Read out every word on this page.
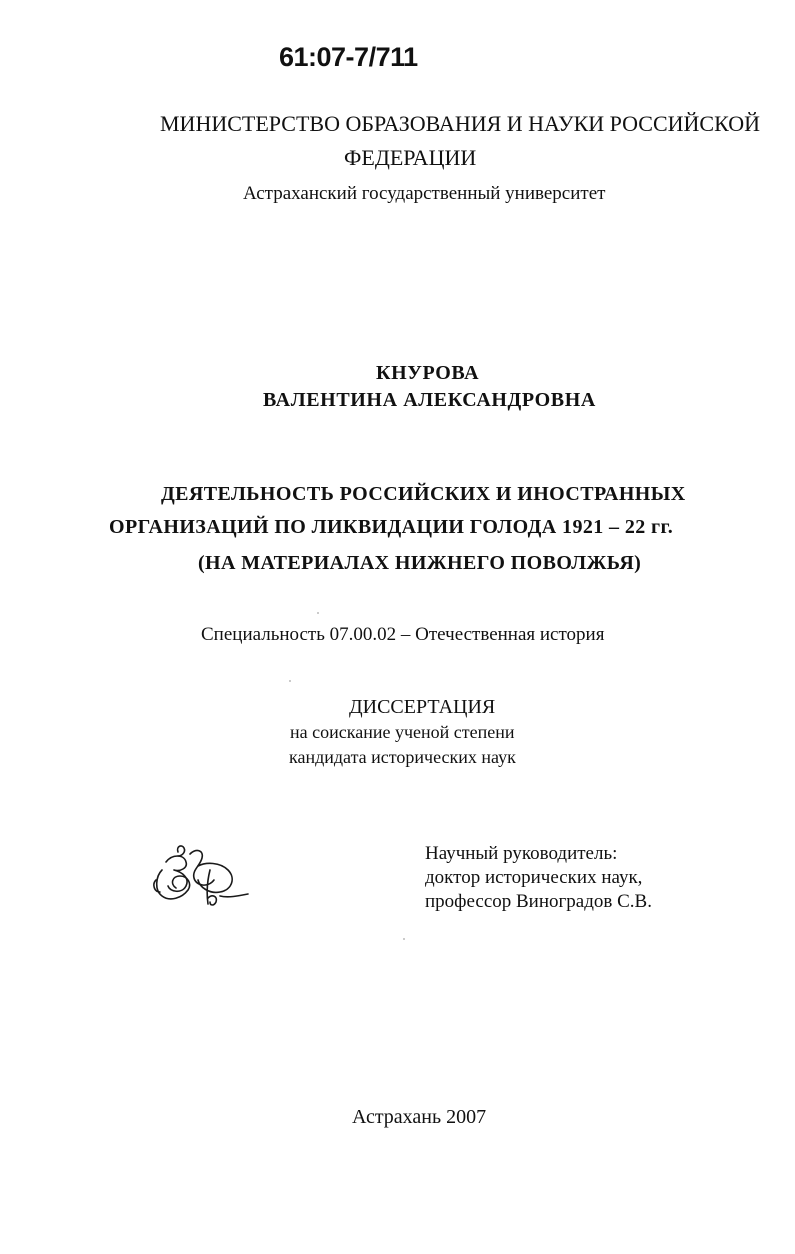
61:07-7/711
МИНИСТЕРСТВО ОБРАЗОВАНИЯ И НАУКИ РОССИЙСКОЙ
ФЕДЕРАЦИИ
Астраханский государственный университет
КНУРОВА
ВАЛЕНТИНА АЛЕКСАНДРОВНА
ДЕЯТЕЛЬНОСТЬ РОССИЙСКИХ И ИНОСТРАННЫХ
ОРГАНИЗАЦИЙ ПО ЛИКВИДАЦИИ ГОЛОДА 1921 – 22 гг.
(НА МАТЕРИАЛАХ НИЖНЕГО ПОВОЛЖЬЯ)
Специальность 07.00.02 – Отечественная история
ДИССЕРТАЦИЯ
на соискание ученой степени
кандидата исторических наук
Научный руководитель:
доктор исторических наук,
профессор Виноградов С.В.
Астрахань 2007
